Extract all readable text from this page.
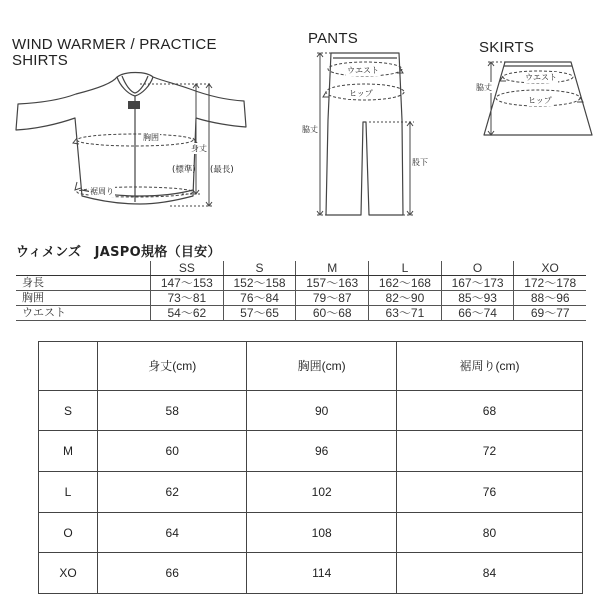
WIND WARMER / PRACTICE
SHIRTS
胸囲
身丈
(標準) (最長)
裾周り
PANTS
ウエスト
ヒップ
脇丈
股下
SKIRTS
ウエスト
脇丈
ヒップ
ウィメンズ　JASPO規格（目安）
	SS	S	M	L	O	XO
身長	147～153	152～158	157～163	162～168	167～173	172～178
胸囲	73～81	76～84	79～87	82～90	85～93	88～96
ウエスト	54～62	57～65	60～68	63～71	66～74	69～77
	身丈(cm)	胸囲(cm)	裾周り(cm)
S	58	90	68
M	60	96	72
L	62	102	76
O	64	108	80
XO	66	114	84
